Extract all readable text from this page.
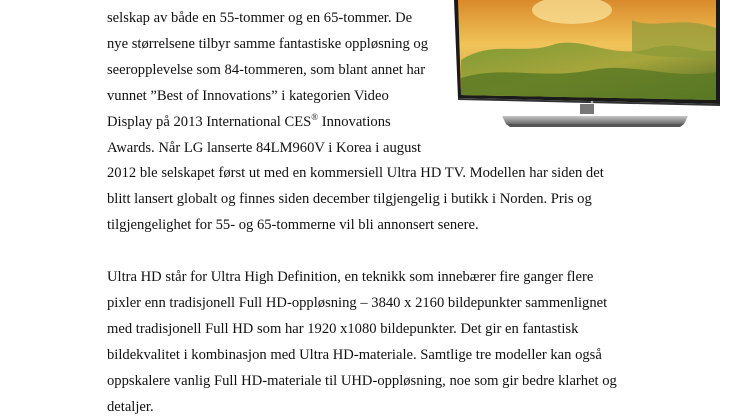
selskap av både en 55-tommer og en 65-tommer. De
nye størrelsene tilbyr samme fantastiske oppløsning og
seeropplevelse som 84-tommeren, som blant annet har
vunnet ”Best of Innovations” i kategorien Video
Display på 2013 International CES® Innovations
Awards. Når LG lanserte 84LM960V i Korea i august
2012 ble selskapet først ut med en kommersiell Ultra HD TV. Modellen har siden det
blitt lansert globalt og finnes siden december tilgjengelig i butikk i Norden. Pris og
tilgjengelighet for 55- og 65-tommerne vil bli annonsert senere.
Ultra HD står for Ultra High Definition, en teknikk som innebærer fire ganger flere
pixler enn tradisjonell Full HD-oppløsning – 3840 x 2160 bildepunkter sammenlignet
med tradisjonell Full HD som har 1920 x1080 bildepunkter. Det gir en fantastisk
bildekvalitet i kombinasjon med Ultra HD-materiale. Samtlige tre modeller kan også
oppskalere vanlig Full HD-materiale til UHD-oppløsning, noe som gir bedre klarhet og
detaljer.
